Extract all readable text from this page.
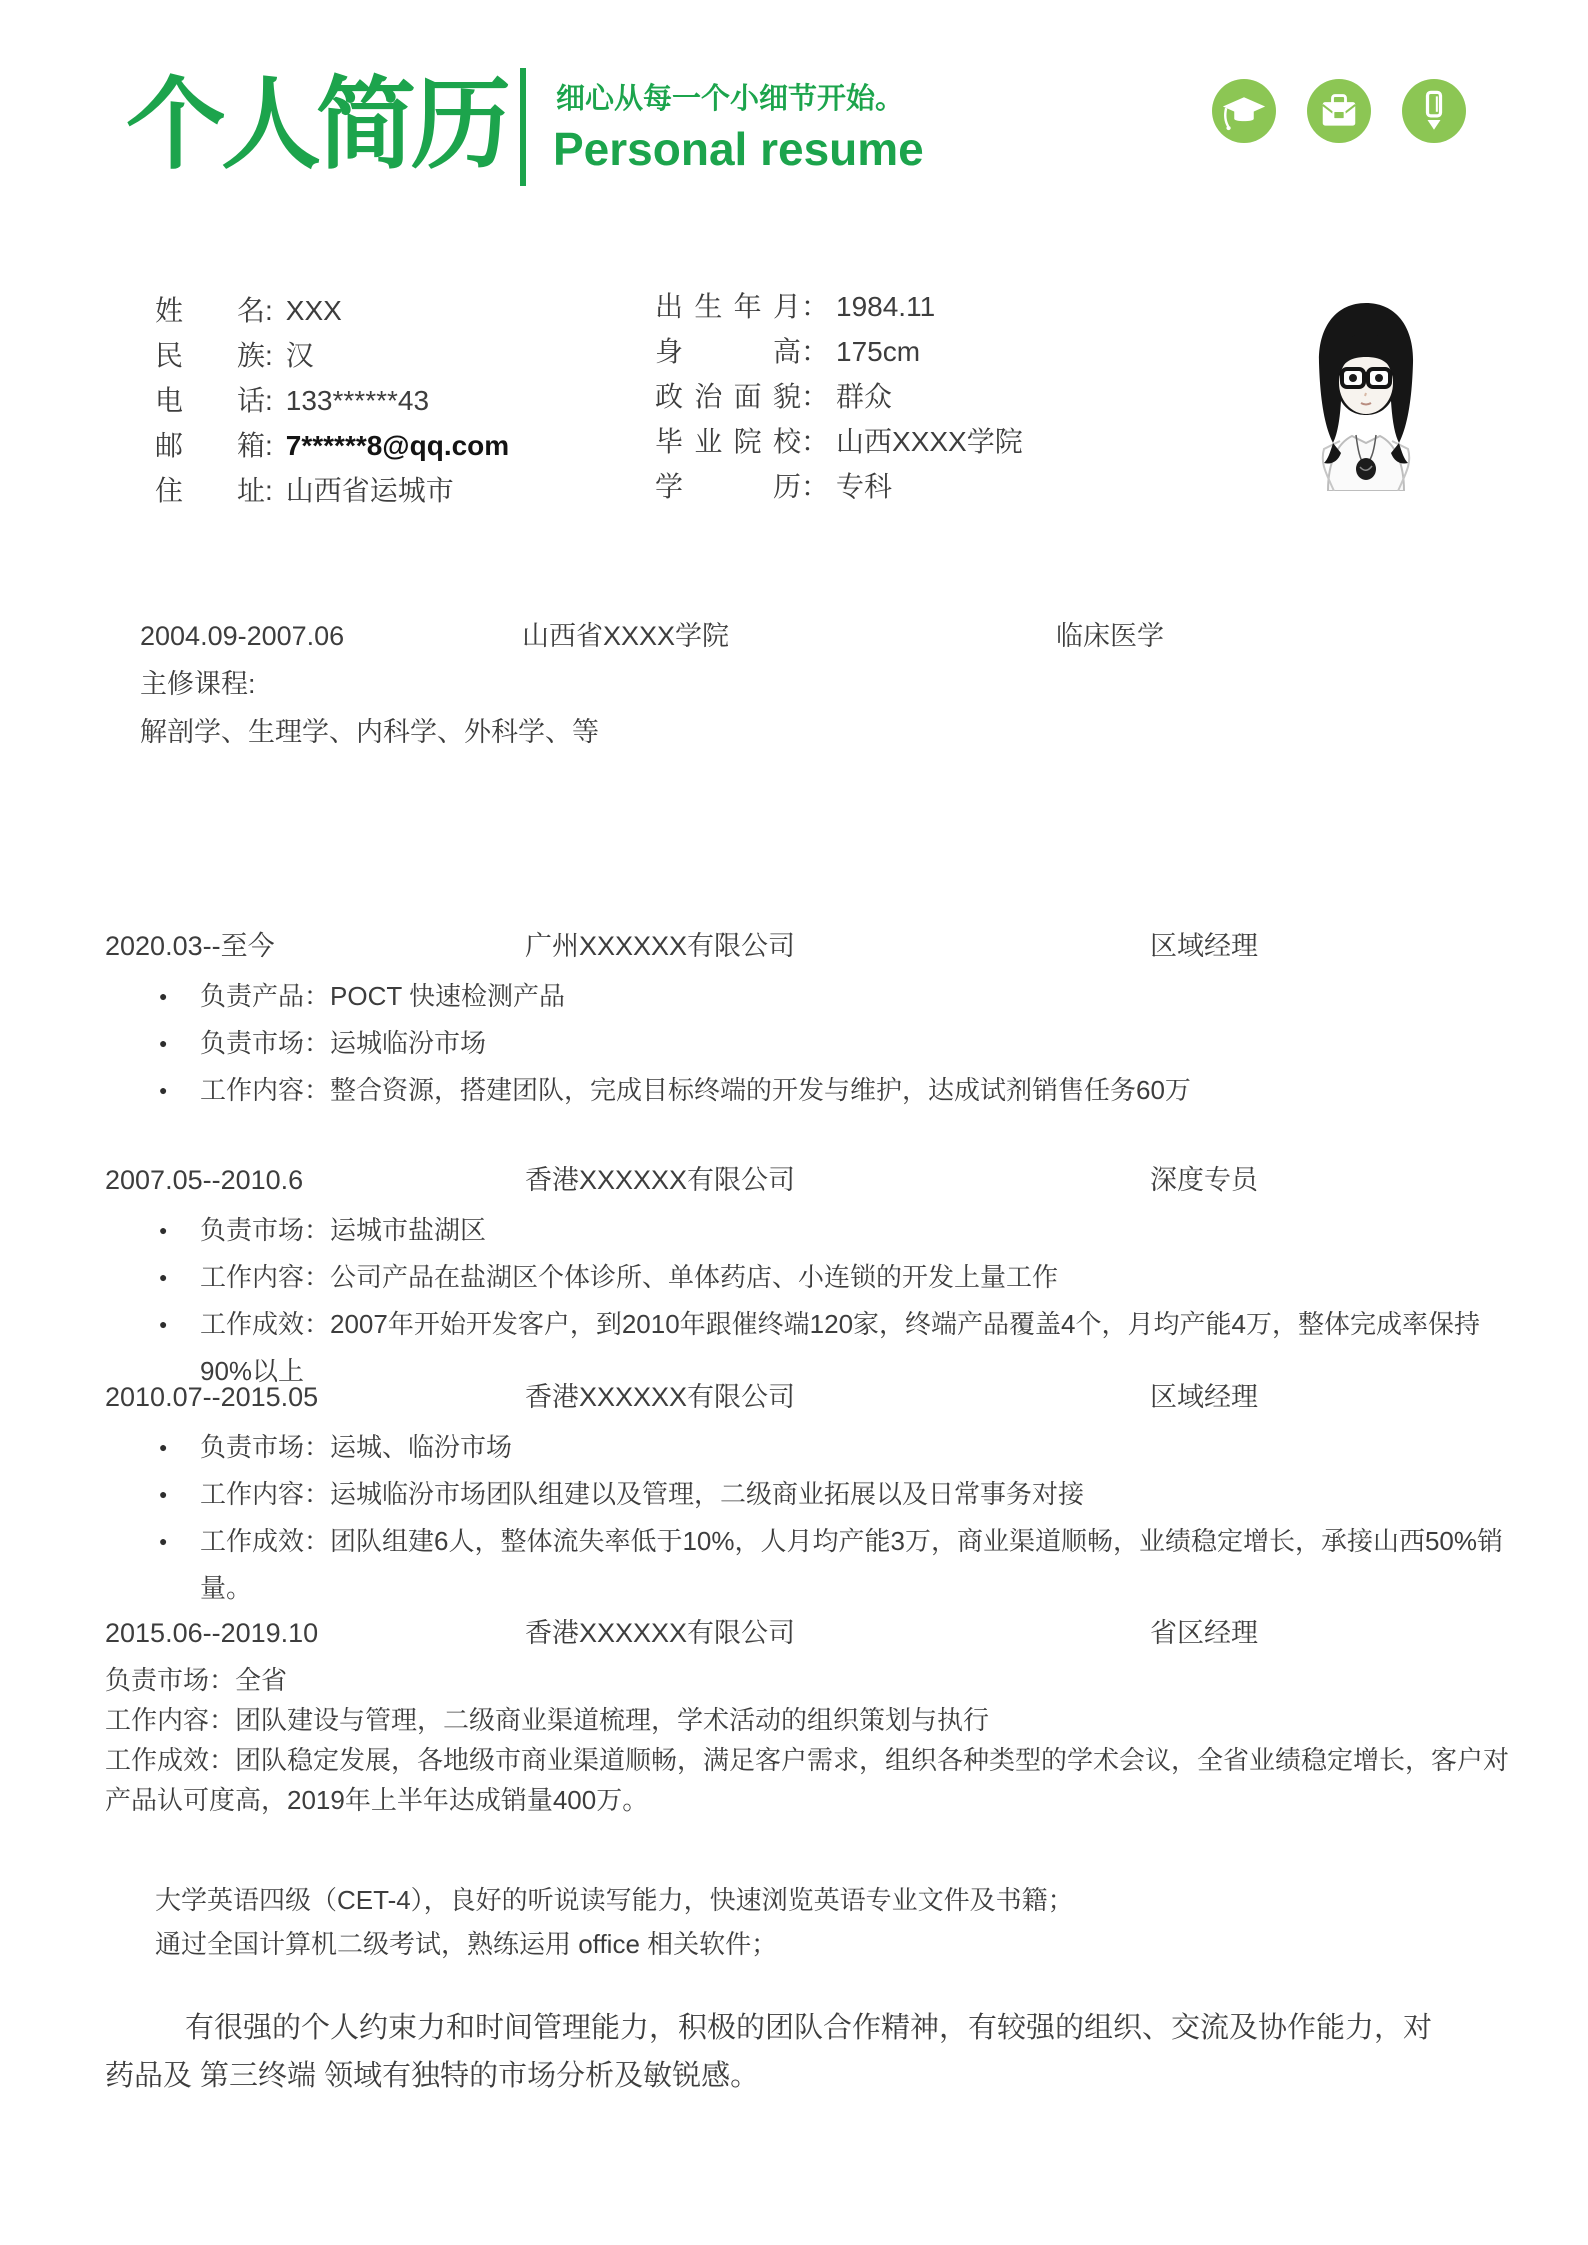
个人简历 细心从每一个小细节开始。
Personal resume
姓名: XXX
民族: 汉
电话: 133******43
邮箱: 7******8@qq.com
住址: 山西省运城市
出生年月： 1984.11
身高： 175cm
政治面貌： 群众
毕业院校： 山西XXXX学院
学历： 专科
2004.09-2007.06	山西省XXXX学院	临床医学
主修课程:
解剖学、生理学、内科学、外科学、等
2020.03--至今	广州XXXXXX有限公司	区域经理
● 负责产品：POCT 快速检测产品
● 负责市场：运城临汾市场
● 工作内容：整合资源，搭建团队，完成目标终端的开发与维护，达成试剂销售任务60万
2007.05--2010.6	香港XXXXXX有限公司	深度专员
● 负责市场：运城市盐湖区
● 工作内容：公司产品在盐湖区个体诊所、单体药店、小连锁的开发上量工作
● 工作成效：2007年开始开发客户，到2010年跟催终端120家，终端产品覆盖4个，月均产能4万，整体完成率保持90%以上
2010.07--2015.05	香港XXXXXX有限公司	区域经理
● 负责市场：运城、临汾市场
● 工作内容：运城临汾市场团队组建以及管理，二级商业拓展以及日常事务对接
● 工作成效：团队组建6人，整体流失率低于10%，人月均产能3万，商业渠道顺畅，业绩稳定增长，承接山西50%销量。
2015.06--2019.10	香港XXXXXX有限公司	省区经理

负责市场：全省

工作内容：团队建设与管理，二级商业渠道梳理，学术活动的组织策划与执行

工作成效：团队稳定发展，各地级市商业渠道顺畅，满足客户需求，组织各种类型的学术会议，全省业绩稳定增长，客户对产品认可度高，2019年上半年达成销量400万。

大学英语四级（CET-4），良好的听说读写能力，快速浏览英语专业文件及书籍；

通过全国计算机二级考试，熟练运用 office 相关软件；

有很强的个人约束力和时间管理能力，积极的团队合作精神，有较强的组织、交流及协作能力，对药品及 第三终端 领域有独特的市场分析及敏锐感。
